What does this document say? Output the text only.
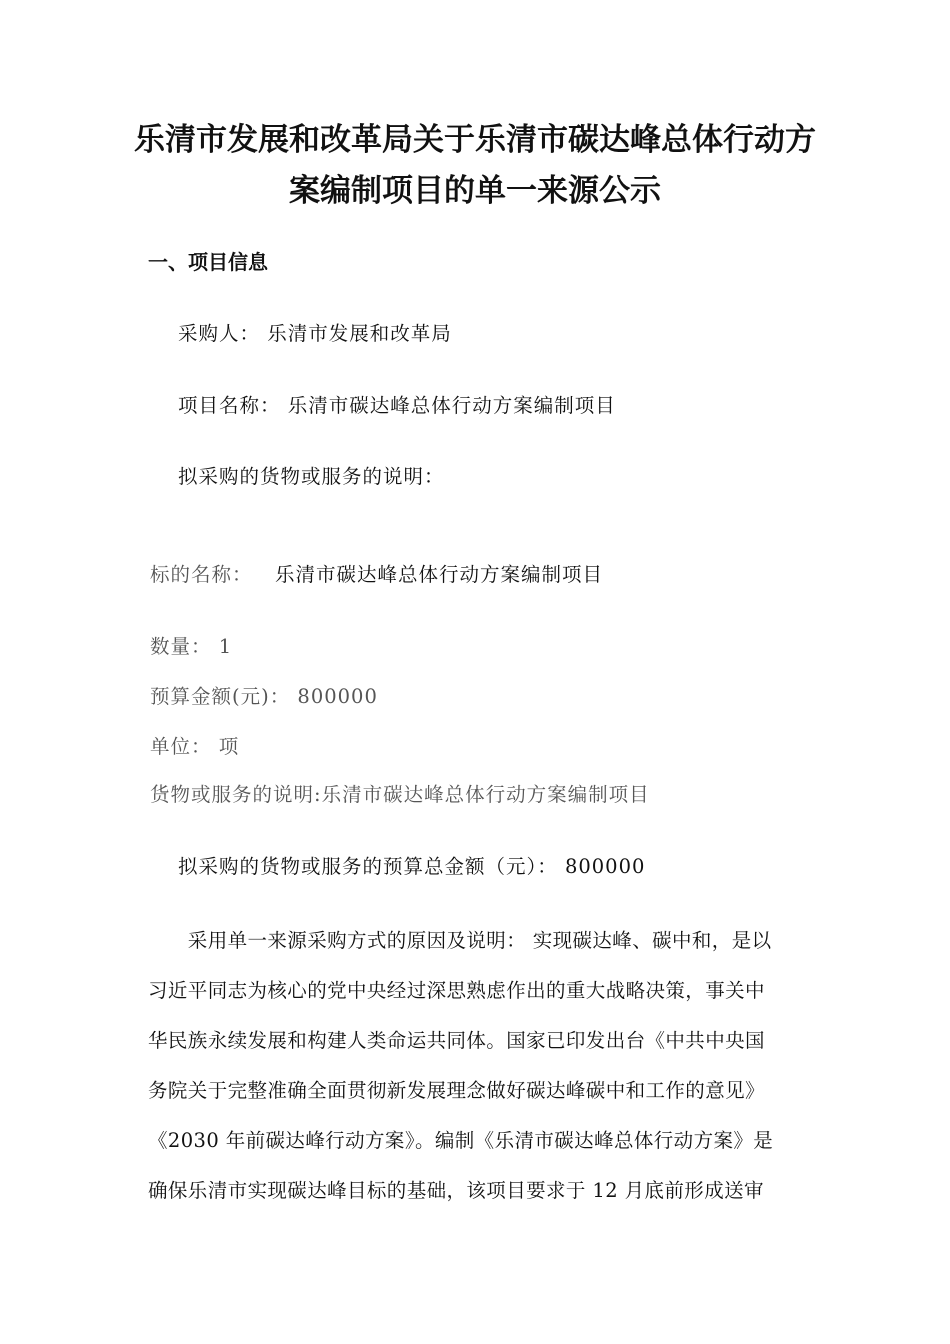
乐清市发展和改革局关于乐清市碳达峰总体行动方
案编制项目的单一来源公示
一、项目信息

采购人： 乐清市发展和改革局

项目名称： 乐清市碳达峰总体行动方案编制项目

拟采购的货物或服务的说明：

标的名称： 乐清市碳达峰总体行动方案编制项目

数量： 1

预算金额(元)： 800000

单位： 项

货物或服务的说明:乐清市碳达峰总体行动方案编制项目

拟采购的货物或服务的预算总金额（元）： 800000

　　采用单一来源采购方式的原因及说明： 实现碳达峰、碳中和，是以
习近平同志为核心的党中央经过深思熟虑作出的重大战略决策，事关中
华民族永续发展和构建人类命运共同体。国家已印发出台《中共中央国
务院关于完整准确全面贯彻新发展理念做好碳达峰碳中和工作的意见》
《2030 年前碳达峰行动方案》。编制《乐清市碳达峰总体行动方案》是
确保乐清市实现碳达峰目标的基础，该项目要求于 12 月底前形成送审
